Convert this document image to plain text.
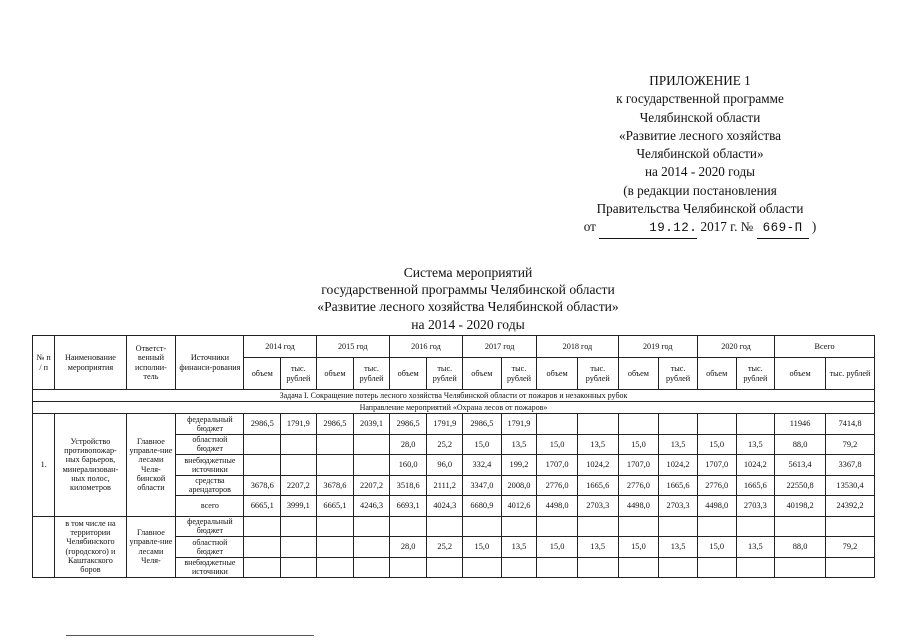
ПРИЛОЖЕНИЕ 1
к государственной программе
Челябинской области
«Развитие лесного хозяйства
Челябинской области»
на 2014 - 2020 годы
(в редакции постановления
Правительства Челябинской области
от	19.12. 2017 г. № 669-П )
Система мероприятий
государственной программы Челябинской области
«Развитие лесного хозяйства Челябинской области»
на 2014 - 2020 годы
№ п / п	Наименование мероприятия	Ответст-венный исполни-тель	Источники финанси-рования	2014 год		2015 год		2016 год		2017 год		2018 год		2019 год		2020 год		Всего	
				объем	тыс. рублей	объем	тыс. рублей	объем	тыс. рублей	объем	тыс. рублей	объем	тыс. рублей	объем	тыс. рублей	объем	тыс. рублей	объем	тыс. рублей
Задача I. Сокращение потерь лесного хозяйства Челябинской области от пожаров и незаконных рубок																			
Направление мероприятий «Охрана лесов от пожаров»																			
1.	Устройство противопожар-ных барьеров, минерализован-ных полос, километров	Главное управле-ние лесами Челя-бинской области	федеральный бюджет	2986,5	1791,9	2986,5	2039,1	2986,5	1791,9	2986,5	1791,9							11946	7414,8
			областной бюджет					28,0	25,2	15,0	13,5	15,0	13,5	15,0	13,5	15,0	13,5	88,0	79,2
			внебюджетные источники					160,0	96,0	332,4	199,2	1707,0	1024,2	1707,0	1024,2	1707,0	1024,2	5613,4	3367,8
			средства арендаторов	3678,6	2207,2	3678,6	2207,2	3518,6	2111,2	3347,0	2008,0	2776,0	1665,6	2776,0	1665,6	2776,0	1665,6	22550,8	13530,4
			всего	6665,1	3999,1	6665,1	4246,3	6693,1	4024,3	6680,9	4012,6	4498,0	2703,3	4498,0	2703,3	4498,0	2703,3	40198,2	24392,2
	в том числе на территории Челябинского (городского) и Каштакского боров	Главное управле-ние лесами Челя-	федеральный бюджет																
			областной бюджет					28,0	25,2	15,0	13,5	15,0	13,5	15,0	13,5	15,0	13,5	88,0	79,2
			внебюджетные источники																
